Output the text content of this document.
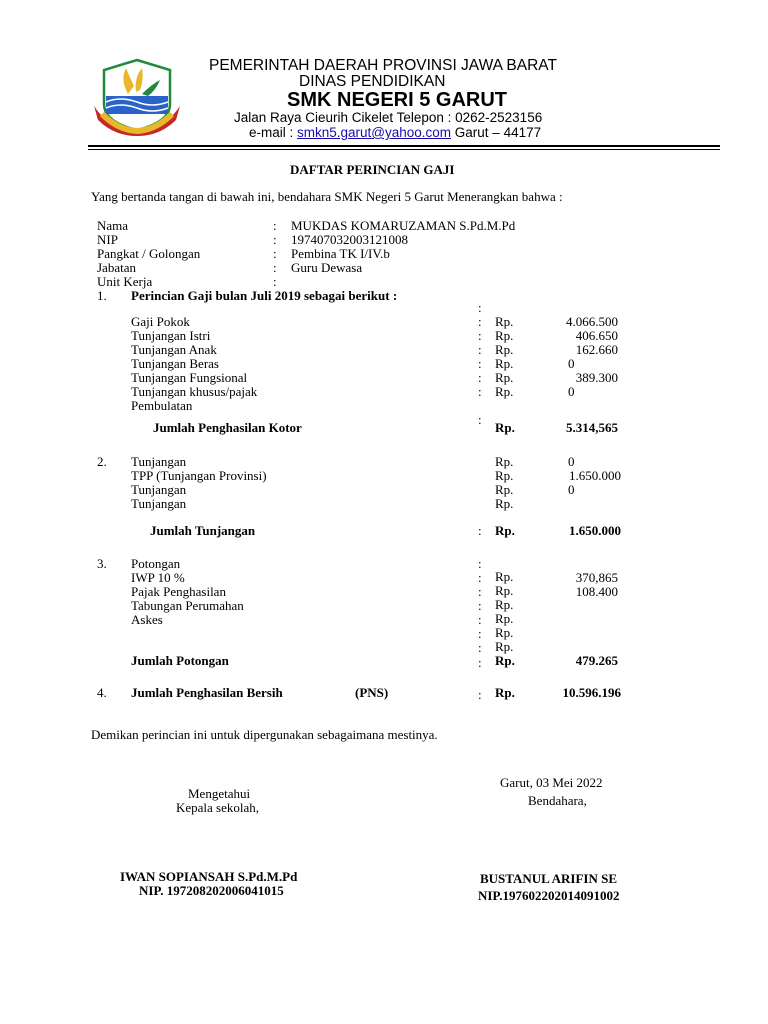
PEMERINTAH DAERAH PROVINSI JAWA BARAT
DINAS PENDIDIKAN
SMK NEGERI 5 GARUT
Jalan Raya Cieurih Cikelet Telepon : 0262-2523156
e-mail : smkn5.garut@yahoo.com Garut – 44177
DAFTAR PERINCIAN GAJI
Yang bertanda tangan di bawah ini, bendahara SMK Negeri 5 Garut Menerangkan bahwa :
Nama	: MUKDAS KOMARUZAMAN S.Pd.M.Pd
NIP	: 197407032003121008
Pangkat / Golongan	: Pembina TK I/IV.b
Jabatan	: Guru Dewasa
Unit Kerja	:
1. Perincian Gaji bulan Juli 2019 sebagai berikut :
:
Gaji Pokok	: Rp.	4.066.500
Tunjangan Istri	: Rp.	406.650
Tunjangan Anak	: Rp.	162.660
Tunjangan Beras	: Rp.	0
Tunjangan Fungsional	: Rp.	389.300
Tunjangan khusus/pajak	: Rp.	0
Pembulatan
:
Jumlah Penghasilan Kotor	Rp.	5.314,565
2. Tunjangan	Rp.	0
TPP (Tunjangan Provinsi)	Rp.	1.650.000
Tunjangan	Rp.	0
Tunjangan	Rp.
Jumlah Tunjangan	: Rp.	1.650.000
3. Potongan	:
IWP 10 %	: Rp.	370,865
Pajak Penghasilan	: Rp.	108.400
Tabungan Perumahan	: Rp.
Askes	: Rp.
: Rp.
: Rp.
Jumlah Potongan	: Rp.	479.265
4. Jumlah Penghasilan Bersih	(PNS)	: Rp.	10.596.196
Demikan perincian ini untuk dipergunakan sebagaimana mestinya.
Garut, 03 Mei 2022
Mengetahui	Bendahara,
Kepala sekolah,
IWAN SOPIANSAH S.Pd.M.Pd	BUSTANUL ARIFIN SE
NIP. 197208202006041015	NIP.197602202014091002
